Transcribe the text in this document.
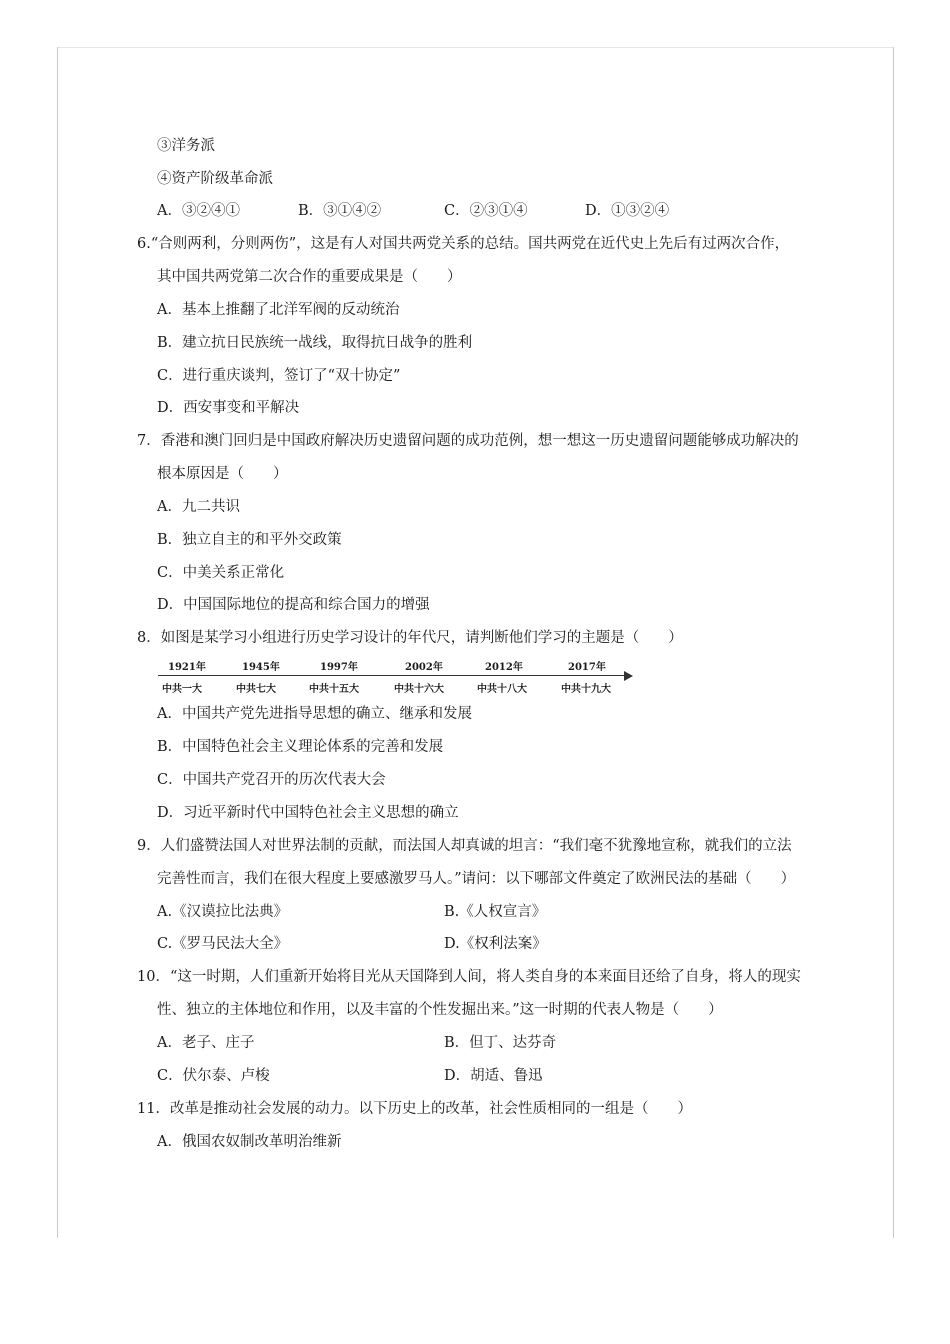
③洋务派
④资产阶级革命派
A．③②④①	B．③①④②	C．②③①④	D．①③②④
6.“合则两利，分则两伤”，这是有人对国共两党关系的总结。国共两党在近代史上先后有过两次合作，
其中国共两党第二次合作的重要成果是（　　）
A．基本上推翻了北洋军阀的反动统治
B．建立抗日民族统一战线，取得抗日战争的胜利
C．进行重庆谈判，签订了“双十协定”
D．西安事变和平解决
7．香港和澳门回归是中国政府解决历史遗留问题的成功范例，想一想这一历史遗留问题能够成功解决的
根本原因是（　　）
A．九二共识
B．独立自主的和平外交政策
C．中美关系正常化
D．中国国际地位的提高和综合国力的增强
8．如图是某学习小组进行历史学习设计的年代尺，请判断他们学习的主题是（　　）
1921年	1945年	1997年	2002年	2012年	2017年
中共一大	中共七大	中共十五大	中共十六大	中共十八大	中共十九大
A．中国共产党先进指导思想的确立、继承和发展
B．中国特色社会主义理论体系的完善和发展
C．中国共产党召开的历次代表大会
D．习近平新时代中国特色社会主义思想的确立
9．人们盛赞法国人对世界法制的贡献，而法国人却真诚的坦言：“我们毫不犹豫地宣称，就我们的立法
完善性而言，我们在很大程度上要感激罗马人。”请问：以下哪部文件奠定了欧洲民法的基础（　　）
A.《汉谟拉比法典》	B.《人权宣言》
C.《罗马民法大全》	D.《权利法案》
10．“这一时期，人们重新开始将目光从天国降到人间，将人类自身的本来面目还给了自身，将人的现实
性、独立的主体地位和作用，以及丰富的个性发掘出来。”这一时期的代表人物是（　　）
A．老子、庄子	B．但丁、达芬奇
C．伏尔泰、卢梭	D．胡适、鲁迅
11．改革是推动社会发展的动力。以下历史上的改革，社会性质相同的一组是（　　）
A．俄国农奴制改革明治维新
